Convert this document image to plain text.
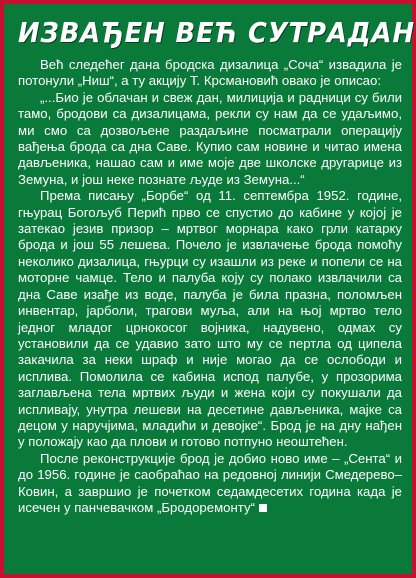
ИЗВАЂЕН ВЕЋ СУТРАДАН

Већ следећег дана бродска дизалица „Соча“ извадила је потонули „Ниш“, а ту акцију Т. Крсмановић овако је описао:

„...Био је облачан и свеж дан, милиција и радници су били тамо, бродови са дизалицама, рекли су нам да се удаљимо, ми смо са дозвољене раздаљине посматрали операцију вађења брода са дна Саве. Купио сам новине и читао имена дављеника, нашао сам и име моје две школске другарице из Земуна, и још неке познате људе из Земуна...“

Према писању „Борбе“ од 11. септембра 1952. године, гњурац Богољуб Перић прво се спустио до кабине у којој је затекао језив призор – мртвог морнара како грли катарку брода и још 55 лешева. Почело је извлачење брода помоћу неколико дизалица, гњурци су изашли из реке и попели се на моторне чамце. Тело и палуба коју су полако извлачили са дна Саве изађе из воде, палуба је била празна, поломљен инвентар, јарболи, трагови муља, али на њој мртво тело једног младог црнокосог војника, надувено, одмах су установили да се удавио зато што му се пертла од ципела закачила за неки шраф и није могао да се ослободи и исплива. Помолила се кабина испод палубе, у прозорима заглављена тела мртвих људи и жена који су покушали да испливају, унутра лешеви на десетине дављеника, мајке са децом у наручјима, младићи и девојке“. Брод је на дну нађен у положају као да плови и готово потпуно неоштећен.

После реконструкције брод је добио ново име – „Сента“ и до 1956. године је саобраћао на редовној линији Смедерево–Ковин, а завршио је почетком седамдесетих година када је исечен у панчевачком „Бродоремонту“
